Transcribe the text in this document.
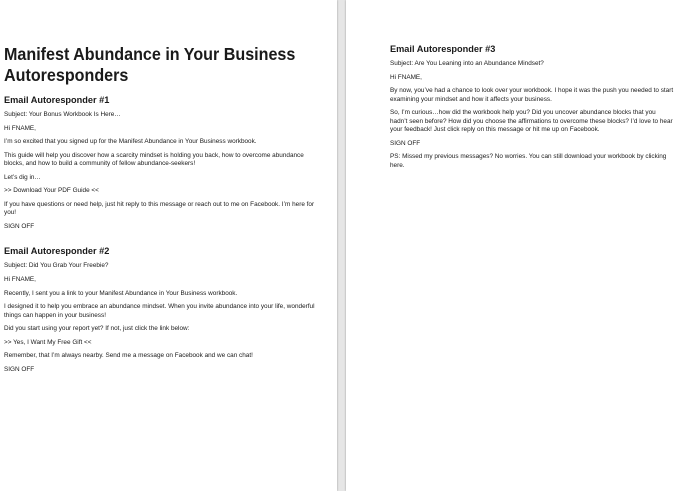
Manifest Abundance in Your Business
Autoresponders
Email Autoresponder #1

Subject: Your Bonus Workbook Is Here…

Hi FNAME,

I’m so excited that you signed up for the Manifest Abundance in Your Business workbook.

This guide will help you discover how a scarcity mindset is holding you back, how to overcome abundance blocks, and how to build a community of fellow abundance-seekers!

Let’s dig in…

>> Download Your PDF Guide <<

If you have questions or need help, just hit reply to this message or reach out to me on Facebook. I’m here for you!

SIGN OFF

Email Autoresponder #2

Subject: Did You Grab Your Freebie?

Hi FNAME,

Recently, I sent you a link to your Manifest Abundance in Your Business workbook.

I designed it to help you embrace an abundance mindset. When you invite abundance into your life, wonderful things can happen in your business!

Did you start using your report yet? If not, just click the link below:

>> Yes, I Want My Free Gift <<

Remember, that I’m always nearby. Send me a message on Facebook and we can chat!

SIGN OFF

Email Autoresponder #3

Subject: Are You Leaning into an Abundance Mindset?

Hi FNAME,

By now, you’ve had a chance to look over your workbook. I hope it was the push you needed to start examining your mindset and how it affects your business.

So, I’m curious…how did the workbook help you? Did you uncover abundance blocks that you hadn’t seen before? How did you choose the affirmations to overcome these blocks? I’d love to hear your feedback! Just click reply on this message or hit me up on Facebook.

SIGN OFF

PS: Missed my previous messages? No worries. You can still download your workbook by clicking here.
